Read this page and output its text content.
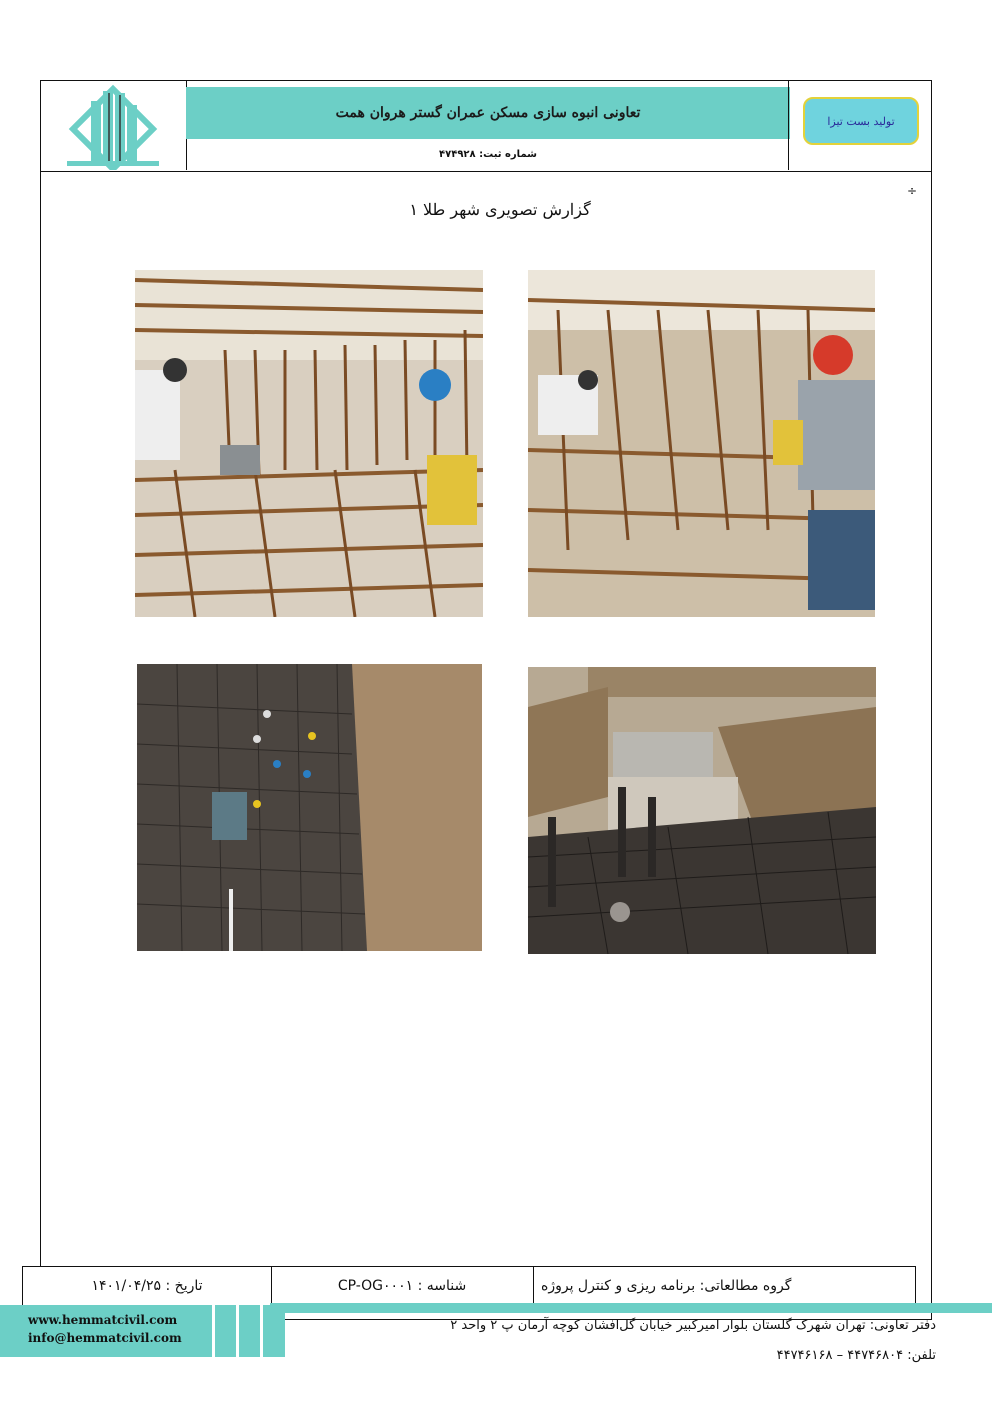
تعاونی انبوه سازی مسکن عمران گستر هروان همت
شماره ثبت: ۴۷۴۹۲۸
تولید بست تیزا
÷
گزارش تصویری شهر طلا ۱
تاریخ : ۱۴۰۱/۰۴/۲۵	شناسه : CP-OG۰۰۰۱	گروه مطالعاتی: برنامه ریزی و کنترل پروژه
www.hemmatcivil.com
info@hemmatcivil.com
دفتر تعاونی: تهران شهرک گلستان بلوار امیرکبیر خیابان گل‌افشان کوچه آرمان پ ۲ واحد ۲
تلفن: ۴۴۷۴۶۸۰۴ – ۴۴۷۴۶۱۶۸
